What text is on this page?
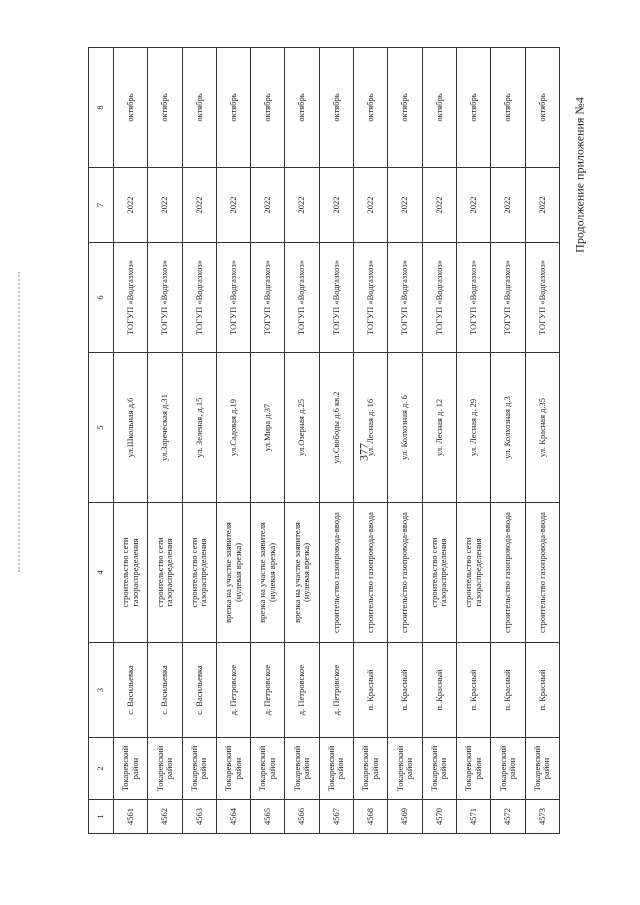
377
Продолжение приложения №4
1	2	3	4	5	6	7	8
4561	Токаревский район	с. Васильевка	строительство сети газораспределения	ул.Школьная д.6	ТОГУП «Водгазхоз»	2022	октябрь
4562	Токаревский район	с. Васильевка	строительство сети газораспределения	ул.Зареческая д.31	ТОГУП «Водгазхоз»	2022	октябрь
4563	Токаревский район	с. Васильевка	строительство сети газораспределения	ул. Зеленая, д.15	ТОГУП «Водгазхоз»	2022	октябрь
4564	Токаревский район	д. Петровское	врезка на участке заявителя (нулевая врезка)	ул.Садовая д.19	ТОГУП «Водгазхоз»	2022	октябрь
4565	Токаревский район	д. Петровское	врезка на участке заявителя (нулевая врезка)	ул.Мира д.37	ТОГУП «Водгазхоз»	2022	октябрь
4566	Токаревский район	д. Петровское	врезка на участке заявителя (нулевая врезка)	ул.Озерная д.25	ТОГУП «Водгазхоз»	2022	октябрь
4567	Токаревский район	д. Петровское	строительство газопровода-ввода	ул.Свободы д.6 кв.2	ТОГУП «Водгазхоз»	2022	октябрь
4568	Токаревский район	п. Красный	строительство газопровода-ввода	ул. Лесная д. 16	ТОГУП «Водгазхоз»	2022	октябрь
4569	Токаревский район	п. Красный	строительство газопровода-ввода	ул. Колхозная д. 6	ТОГУП «Водгазхоз»	2022	октябрь
4570	Токаревский район	п. Красный	строительство сети газораспределения	ул. Лесная д. 12	ТОГУП «Водгазхоз»	2022	октябрь
4571	Токаревский район	п. Красный	строительство сети газораспределения	ул. Лесная д. 29	ТОГУП «Водгазхоз»	2022	октябрь
4572	Токаревский район	п. Красный	строительство газопровода-ввода	ул. Колхозная д.3	ТОГУП «Водгазхоз»	2022	октябрь
4573	Токаревский район	п. Красный	строительство газопровода-ввода	ул. Красная д.35	ТОГУП «Водгазхоз»	2022	октябрь
